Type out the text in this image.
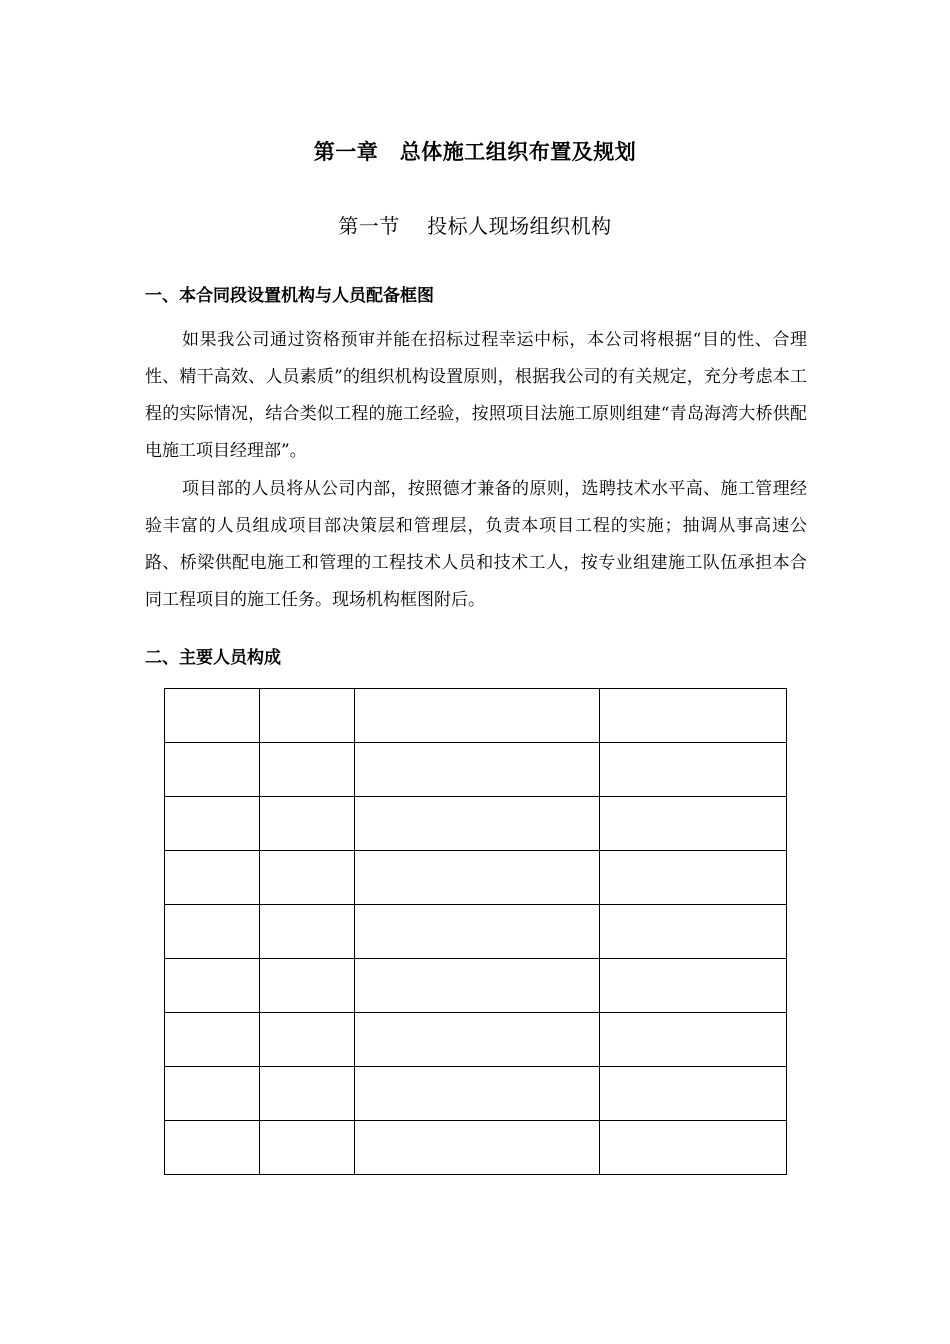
第一章　总体施工组织布置及规划
第一节　 投标人现场组织机构
一、本合同段设置机构与人员配备框图

如果我公司通过资格预审并能在招标过程幸运中标，本公司将根据“目的性、合理性、精干高效、人员素质”的组织机构设置原则，根据我公司的有关规定，充分考虑本工程的实际情况，结合类似工程的施工经验，按照项目法施工原则组建“青岛海湾大桥供配电施工项目经理部”。

项目部的人员将从公司内部，按照德才兼备的原则，选聘技术水平高、施工管理经验丰富的人员组成项目部决策层和管理层，负责本项目工程的实施；抽调从事高速公路、桥梁供配电施工和管理的工程技术人员和技术工人，按专业组建施工队伍承担本合同工程项目的施工任务。现场机构框图附后。

二、主要人员构成
